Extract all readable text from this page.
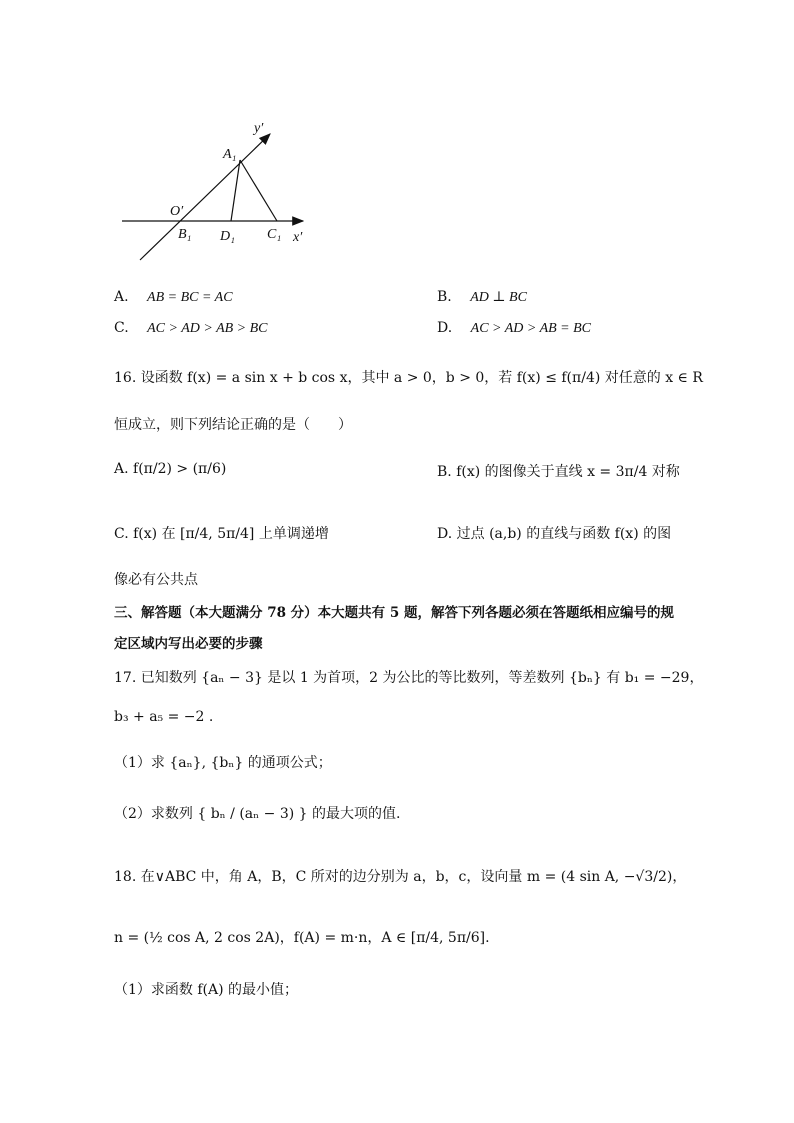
y′
A₁
O′
B₁ D₁ C₁ x′
A. AB = BC = AC	B. AD ⊥ BC
C. AC > AD > AB > BC	D. AC > AD > AB = BC
16. 设函数 f(x) = a sin x + b cos x，其中 a > 0，b > 0，若 f(x) ≤ f(π/4) 对任意的 x ∈ R
恒成立，则下列结论正确的是（　　）
A. f(π/2) > (π/6)	B. f(x) 的图像关于直线 x = 3π/4 对称
C. f(x) 在 [π/4, 5π/4] 上单调递增	D. 过点 (a,b) 的直线与函数 f(x) 的图
像必有公共点
三、解答题（本大题满分 78 分）本大题共有 5 题，解答下列各题必须在答题纸相应编号的规
定区域内写出必要的步骤
17. 已知数列 {aₙ − 3} 是以 1 为首项，2 为公比的等比数列，等差数列 {bₙ} 有 b₁ = −29，
b₃ + a₅ = −2 .
（1）求 {aₙ}, {bₙ} 的通项公式；
（2）求数列 { bₙ / (aₙ − 3) } 的最大项的值.
18. 在∨ABC 中，角 A，B，C 所对的边分别为 a，b，c，设向量 m = (4 sin A, −√3/2)，
n = (½ cos A, 2 cos 2A)，f(A) = m·n，A ∈ [π/4, 5π/6].
（1）求函数 f(A) 的最小值；
